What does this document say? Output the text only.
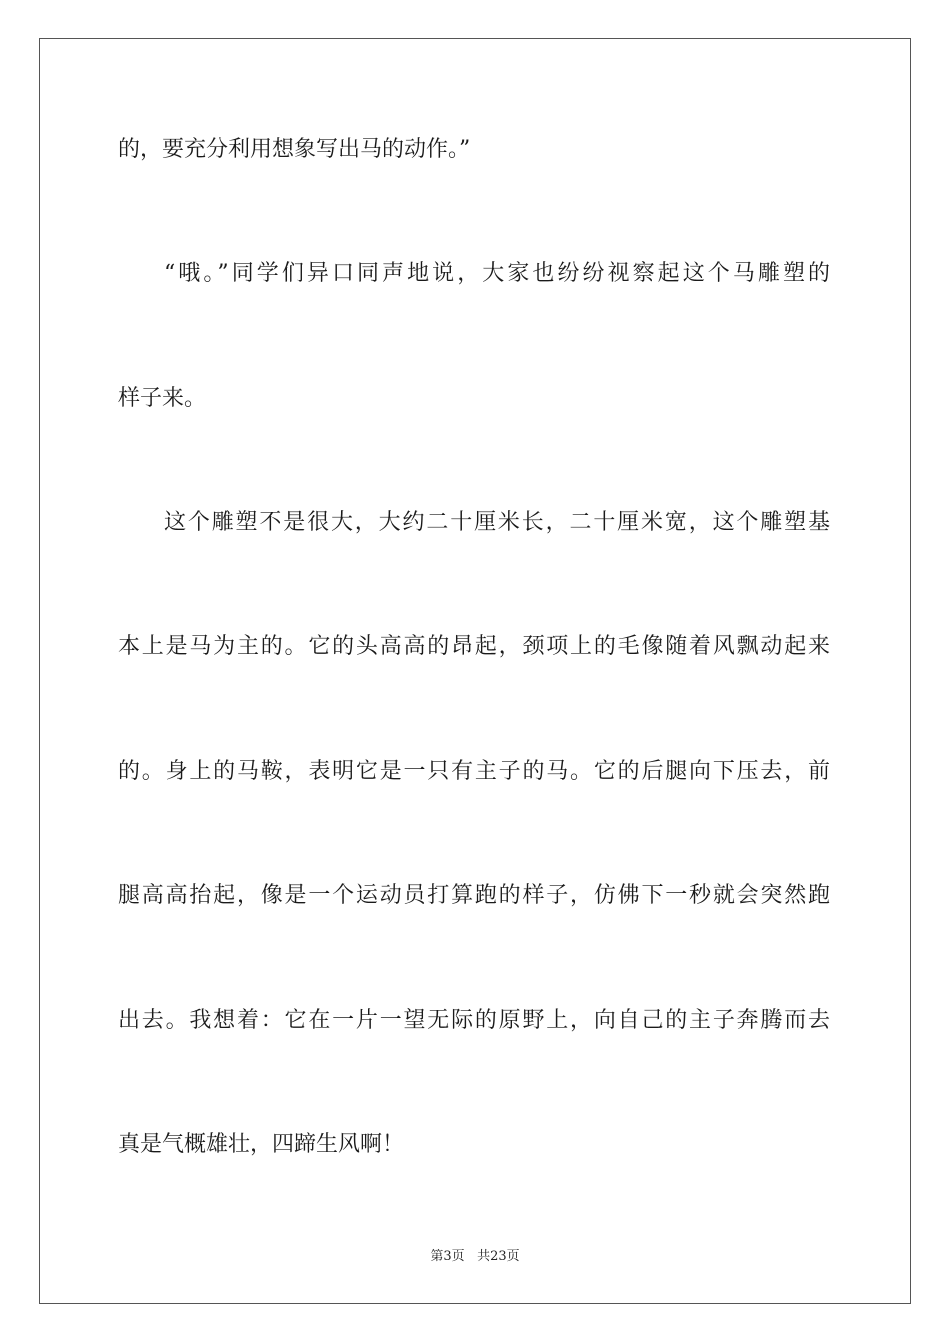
的，要充分利用想象写出马的动作。”
“哦。”同学们异口同声地说，大家也纷纷视察起这个马雕塑的
样子来。
这个雕塑不是很大，大约二十厘米长，二十厘米宽，这个雕塑基
本上是马为主的。它的头高高的昂起，颈项上的毛像随着风飘动起来
的。身上的马鞍，表明它是一只有主子的马。它的后腿向下压去，前
腿高高抬起，像是一个运动员打算跑的样子，仿佛下一秒就会突然跑
出去。我想着：它在一片一望无际的原野上，向自己的主子奔腾而去
真是气概雄壮，四蹄生风啊！
第3页 共23页
